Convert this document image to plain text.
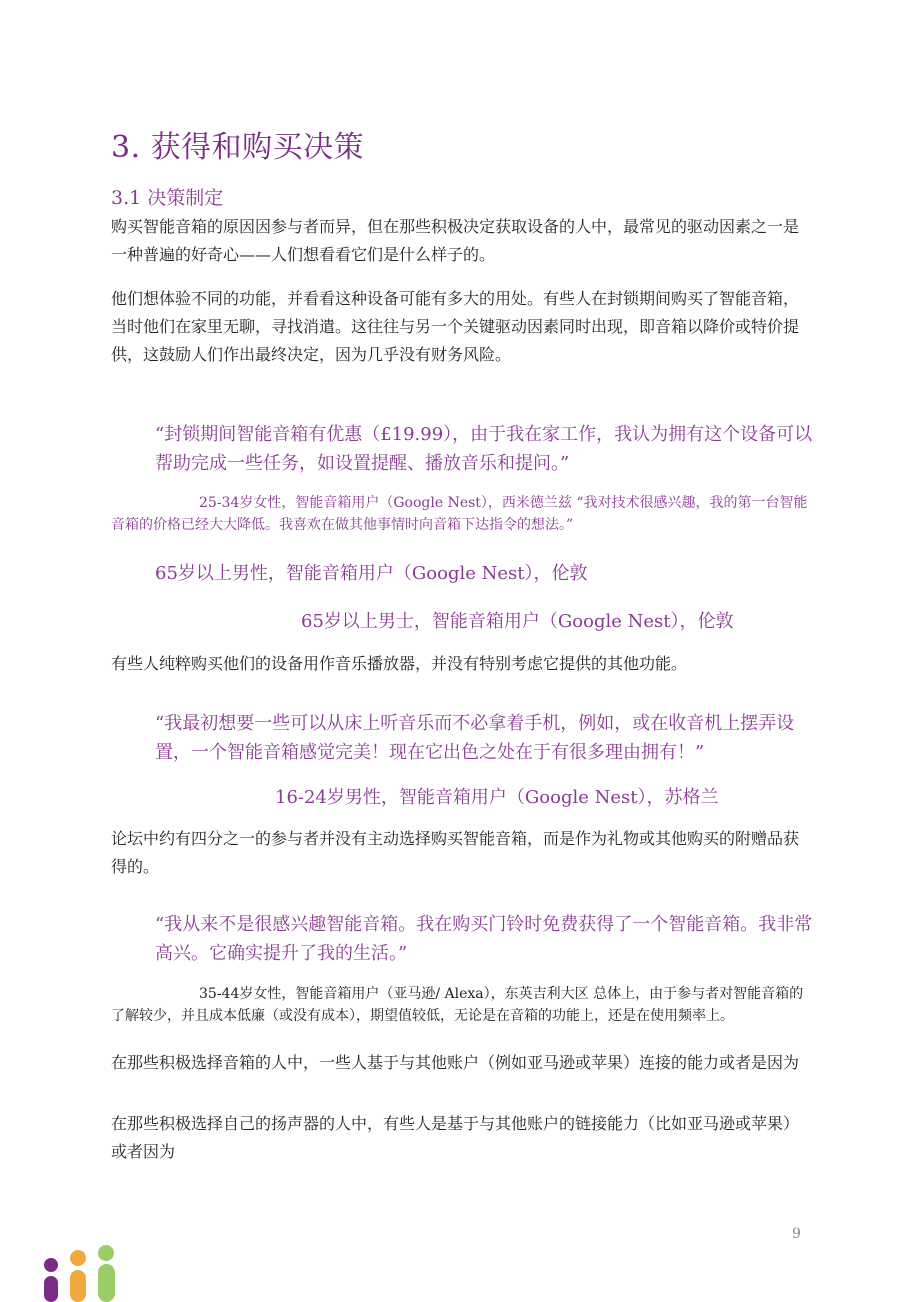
3. 获得和购买决策
3.1 决策制定

购买智能音箱的原因因参与者而异，但在那些积极决定获取设备的人中，最常见的驱动因素之一是一种普遍的好奇心——人们想看看它们是什么样子的。

他们想体验不同的功能，并看看这种设备可能有多大的用处。有些人在封锁期间购买了智能音箱，当时他们在家里无聊，寻找消遣。这往往与另一个关键驱动因素同时出现，即音箱以降价或特价提供，这鼓励人们作出最终决定，因为几乎没有财务风险。

“封锁期间智能音箱有优惠（£19.99），由于我在家工作，我认为拥有这个设备可以帮助完成一些任务，如设置提醒、播放音乐和提问。”

25-34岁女性，智能音箱用户（Google Nest），西米德兰兹 “我对技术很感兴趣，我的第一台智能音箱的价格已经大大降低。我喜欢在做其他事情时向音箱下达指令的想法。”

65岁以上男性，智能音箱用户（Google Nest），伦敦

65岁以上男士，智能音箱用户（Google Nest），伦敦

有些人纯粹购买他们的设备用作音乐播放器，并没有特别考虑它提供的其他功能。

“我最初想要一些可以从床上听音乐而不必拿着手机，例如，或在收音机上摆弄设置，一个智能音箱感觉完美！现在它出色之处在于有很多理由拥有！”

16-24岁男性，智能音箱用户（Google Nest），苏格兰

论坛中约有四分之一的参与者并没有主动选择购买智能音箱，而是作为礼物或其他购买的附赠品获得的。

“我从来不是很感兴趣智能音箱。我在购买门铃时免费获得了一个智能音箱。我非常高兴。它确实提升了我的生活。”

35-44岁女性，智能音箱用户（亚马逊/ Alexa），东英吉利大区 总体上，由于参与者对智能音箱的了解较少，并且成本低廉（或没有成本），期望值较低，无论是在音箱的功能上，还是在使用频率上。

在那些积极选择音箱的人中，一些人基于与其他账户（例如亚马逊或苹果）连接的能力或者是因为

在那些积极选择自己的扬声器的人中，有些人是基于与其他账户的链接能力（比如亚马逊或苹果）或者因为

9
